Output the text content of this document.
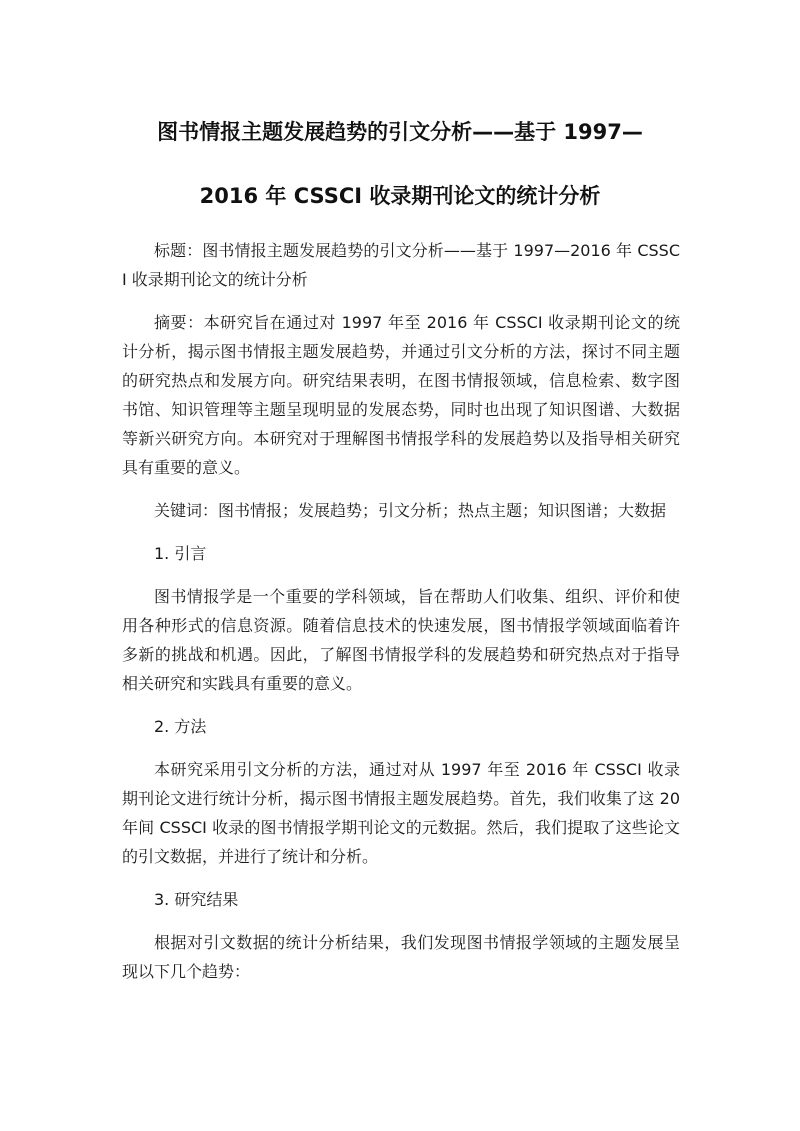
图书情报主题发展趋势的引文分析——基于 1997—
2016 年 CSSCI 收录期刊论文的统计分析

标题：图书情报主题发展趋势的引文分析——基于 1997—2016 年 CSSCI 收录期刊论文的统计分析

摘要：本研究旨在通过对 1997 年至 2016 年 CSSCI 收录期刊论文的统计分析，揭示图书情报主题发展趋势，并通过引文分析的方法，探讨不同主题的研究热点和发展方向。研究结果表明，在图书情报领域，信息检索、数字图书馆、知识管理等主题呈现明显的发展态势，同时也出现了知识图谱、大数据等新兴研究方向。本研究对于理解图书情报学科的发展趋势以及指导相关研究具有重要的意义。

关键词：图书情报；发展趋势；引文分析；热点主题；知识图谱；大数据

1. 引言

图书情报学是一个重要的学科领域，旨在帮助人们收集、组织、评价和使用各种形式的信息资源。随着信息技术的快速发展，图书情报学领域面临着许多新的挑战和机遇。因此，了解图书情报学科的发展趋势和研究热点对于指导相关研究和实践具有重要的意义。

2. 方法

本研究采用引文分析的方法，通过对从 1997 年至 2016 年 CSSCI 收录期刊论文进行统计分析，揭示图书情报主题发展趋势。首先，我们收集了这 20 年间 CSSCI 收录的图书情报学期刊论文的元数据。然后，我们提取了这些论文的引文数据，并进行了统计和分析。

3. 研究结果

根据对引文数据的统计分析结果，我们发现图书情报学领域的主题发展呈现以下几个趋势：
